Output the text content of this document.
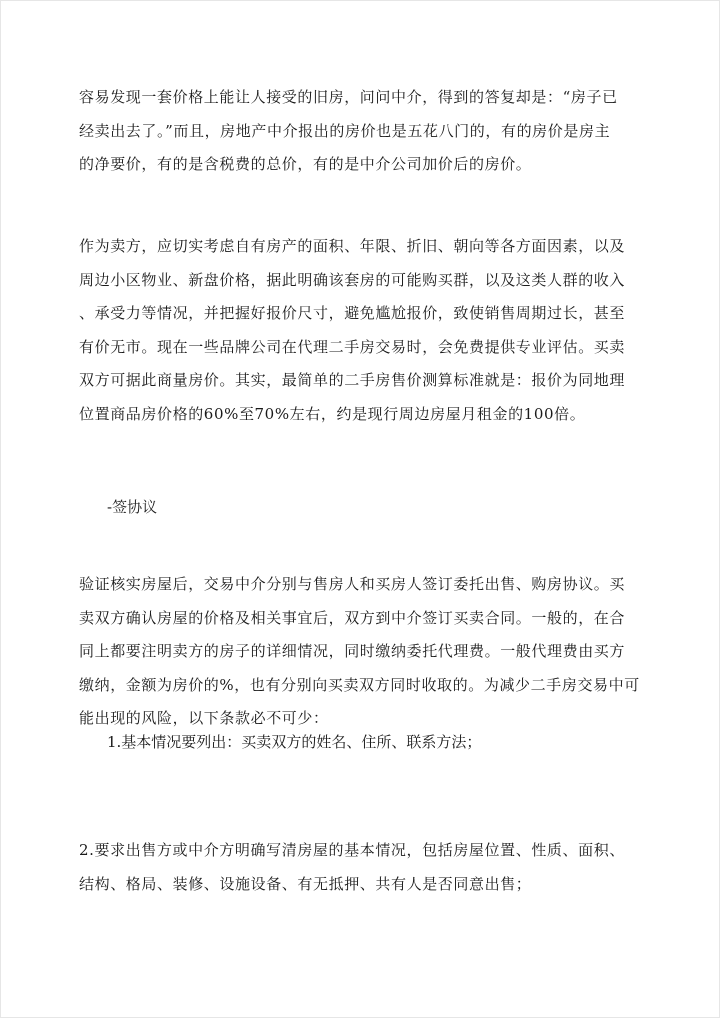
容易发现一套价格上能让人接受的旧房，问问中介，得到的答复却是：“房子已
经卖出去了。”而且，房地产中介报出的房价也是五花八门的，有的房价是房主
的净要价，有的是含税费的总价，有的是中介公司加价后的房价。

作为卖方，应切实考虑自有房产的面积、年限、折旧、朝向等各方面因素，以及
周边小区物业、新盘价格，据此明确该套房的可能购买群，以及这类人群的收入
、承受力等情况，并把握好报价尺寸，避免尴尬报价，致使销售周期过长，甚至
有价无市。现在一些品牌公司在代理二手房交易时，会免费提供专业评估。买卖
双方可据此商量房价。其实，最简单的二手房售价测算标准就是：报价为同地理
位置商品房价格的60%至70%左右，约是现行周边房屋月租金的100倍。

-签协议

验证核实房屋后，交易中介分别与售房人和买房人签订委托出售、购房协议。买
卖双方确认房屋的价格及相关事宜后，双方到中介签订买卖合同。一般的，在合
同上都要注明卖方的房子的详细情况，同时缴纳委托代理费。一般代理费由买方
缴纳，金额为房价的%，也有分别向买卖双方同时收取的。为减少二手房交易中可
能出现的风险，以下条款必不可少：

1.基本情况要列出：买卖双方的姓名、住所、联系方法；

2.要求出售方或中介方明确写清房屋的基本情况，包括房屋位置、性质、面积、
结构、格局、装修、设施设备、有无抵押、共有人是否同意出售；
